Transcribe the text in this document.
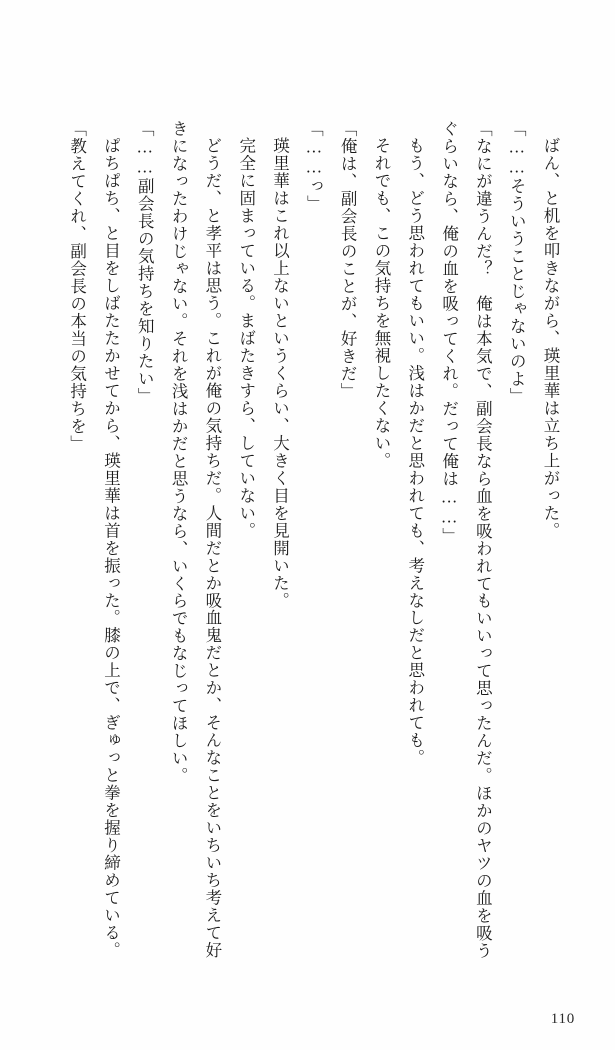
ばん、と机を叩きながら、瑛里華は立ち上がった。

「……そういうことじゃないのよ」

「なにが違うんだ？　俺は本気で、副会長なら血を吸われてもいいって思ったんだ。ほかのヤツの血を吸うぐらいなら、俺の血を吸ってくれ。だって俺は……」

もう、どう思われてもいい。浅はかだと思われても、考えなしだと思われても。

それでも、この気持ちを無視したくない。

「俺は、副会長のことが、好きだ」

「……っ」

瑛里華はこれ以上ないというくらい、大きく目を見開いた。

完全に固まっている。まばたきすら、していない。

どうだ、と孝平は思う。これが俺の気持ちだ。人間だとか吸血鬼だとか、そんなことをいちいち考えて好きになったわけじゃない。それを浅はかだと思うなら、いくらでもなじってほしい。

「……副会長の気持ちを知りたい」

ぱちぱち、と目をしばたたかせてから、瑛里華は首を振った。膝の上で、ぎゅっと拳を握り締めている。

「教えてくれ、副会長の本当の気持ちを」

110
